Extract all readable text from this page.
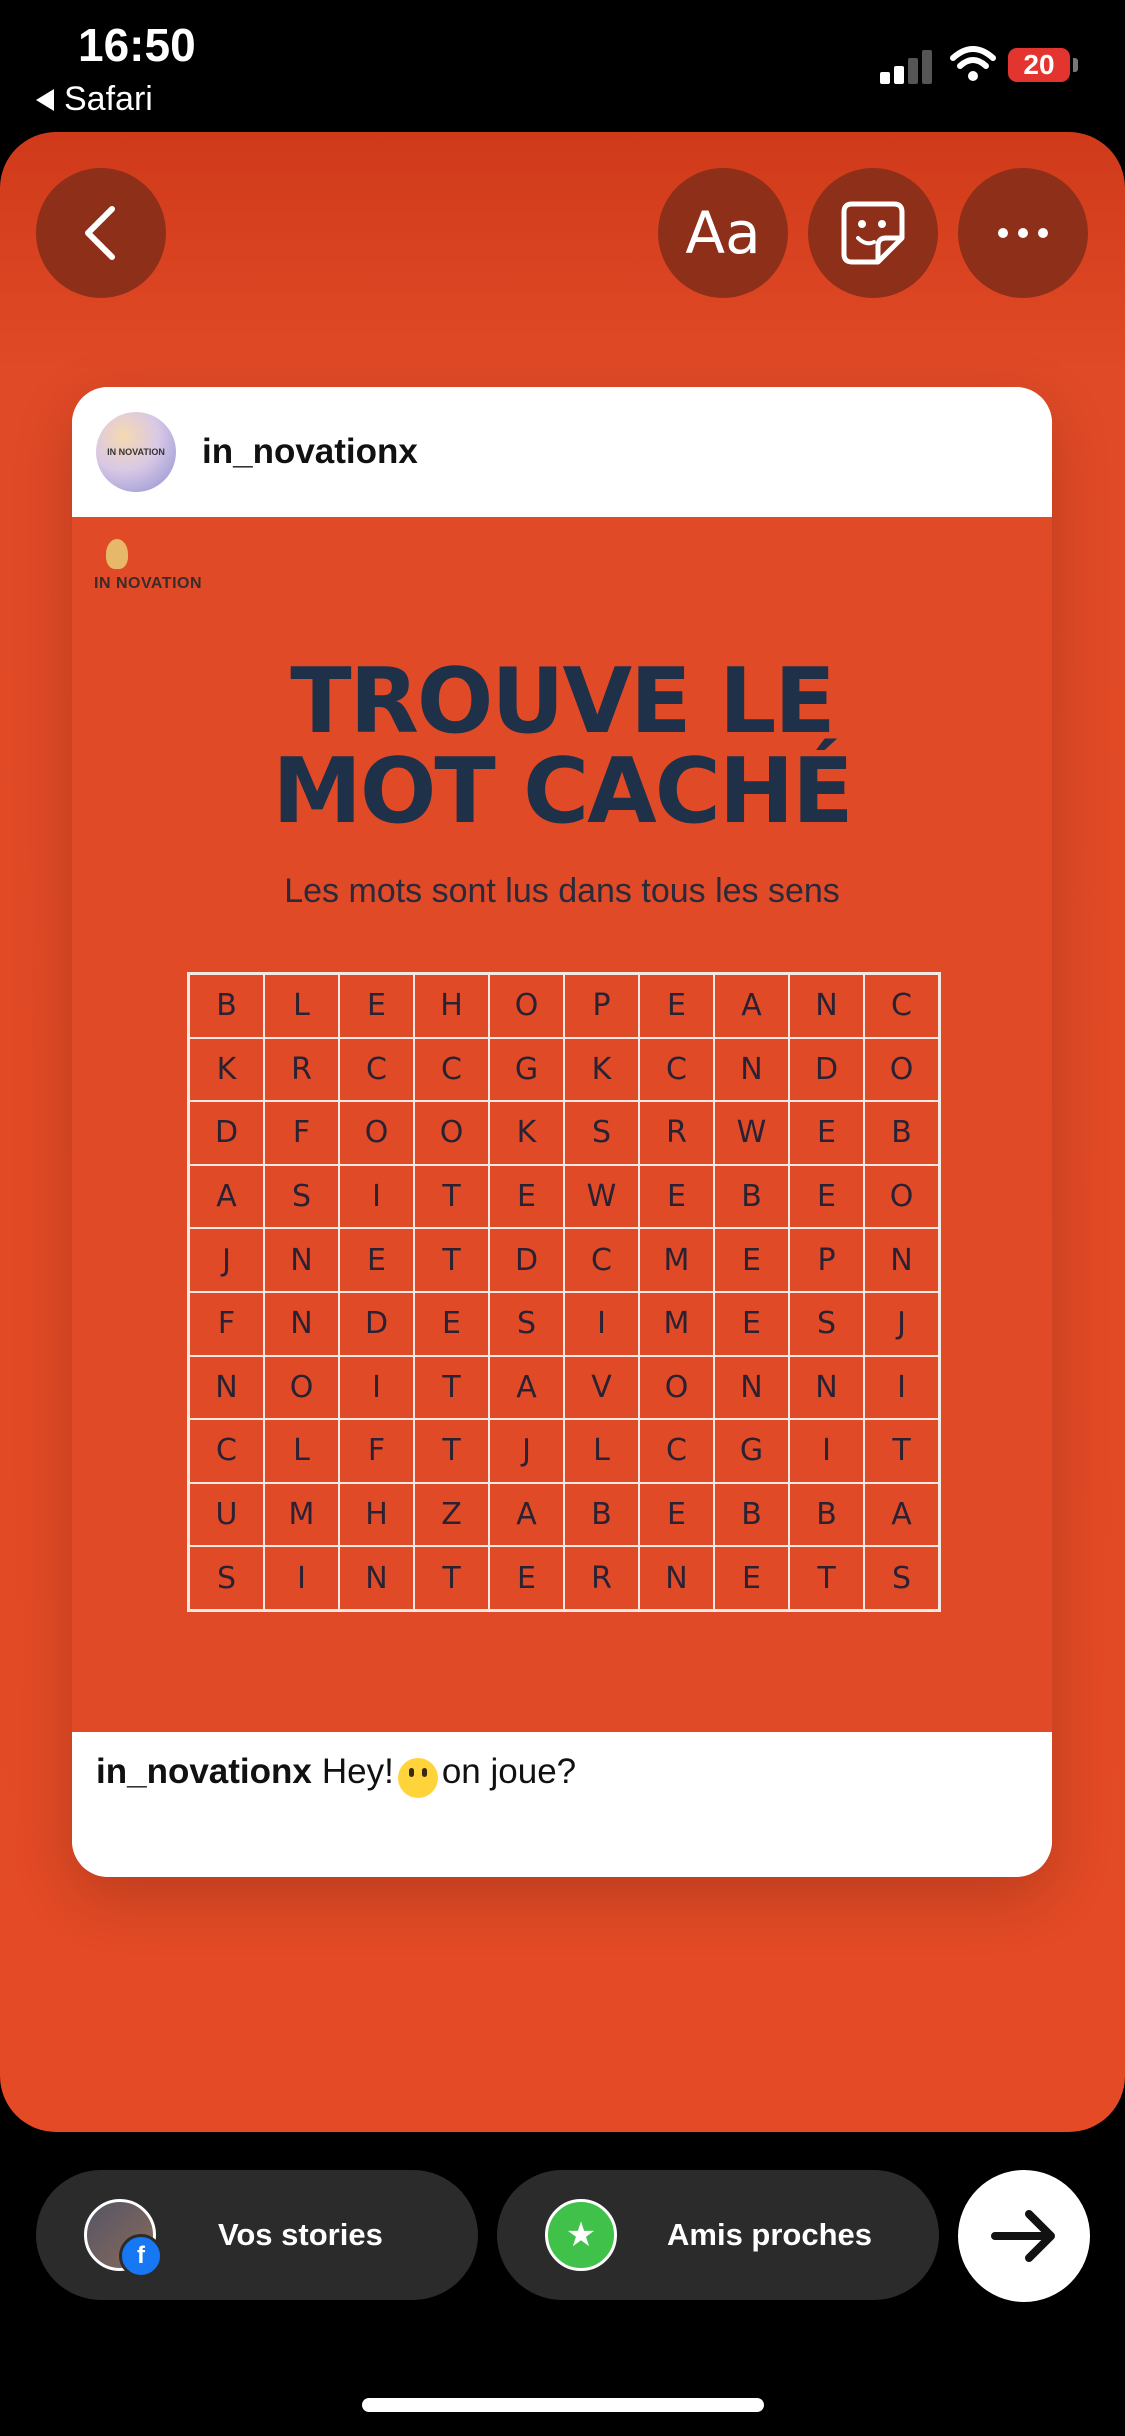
16:50
Safari
20
Aa
IN NOVATION in_novationx
IN NOVATION
TROUVE LE
MOT CACHÉ
Les mots sont lus dans tous les sens
B	L	E	H	O	P	E	A	N	C
K	R	C	C	G	K	C	N	D	O
D	F	O	O	K	S	R	W	E	B
A	S	I	T	E	W	E	B	E	O
J	N	E	T	D	C	M	E	P	N
F	N	D	E	S	I	M	E	S	J
N	O	I	T	A	V	O	N	N	I
C	L	F	T	J	L	C	G	I	T
U	M	H	Z	A	B	E	B	B	A
S	I	N	T	E	R	N	E	T	S
in_novationx Hey! on joue?
f
Vos stories	★	Amis proches
